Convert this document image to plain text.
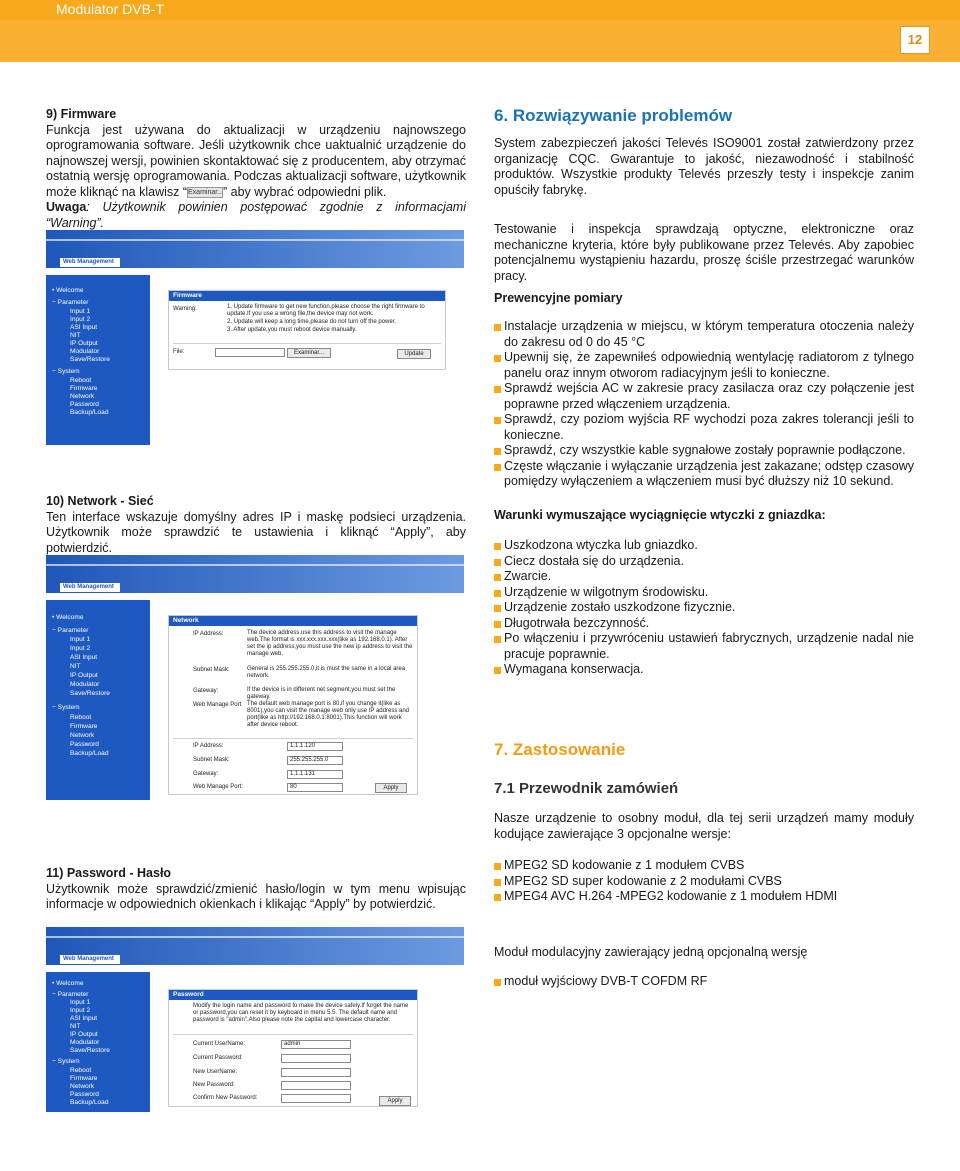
Modulator DVB-T
12
9) Firmware
Funkcja jest używana do aktualizacji w urządzeniu najnowszego oprogramowania software. Jeśli użytkownik chce uaktualnić urządzenie do najnowszej wersji, powinien skontaktować się z producentem, aby otrzymać ostatnią wersję oprogramowania. Podczas aktualizacji software, użytkownik może kliknąć na klawisz “Examinar...” aby wybrać odpowiedni plik.
Uwaga: Użytkownik powinien postępować zgodnie z informacjami “Warning”.
Web Management
• Welcome
− Parameter
Input 1
Input 2
ASI Input
NIT
IP Output
Modulator
Save/Restore
− System
Reboot
Firmware
Network
Password
Backup/Load
Firmware
Warning:	1. Update firmware to get new function.please choose the right firmware to update.If you use a wrong file,the device may not work.
2. Update will keep a long time,please do not turn off the power.
3. After update,you must reboot device manually.
File:	Examinar...	Update
10) Network - Sieć
Ten interface wskazuje domyślny adres IP i maskę podsieci urządzenia. Użytkownik może sprawdzić te ustawienia i kliknąć “Apply”, aby potwierdzić.
Web Management
• Welcome
− Parameter
Input 1
Input 2
ASI Input
NIT
IP Output
Modulator
Save/Restore
− System
Reboot
Firmware
Network
Password
Backup/Load
Network
IP Address:	The device address.use this address to visit the manage web.The format is xxx.xxx.xxx.xxx(like as 192.168.0.1). After set the ip address,you must use the new ip address to visit the manage web.
Subnet Mask:	General is 255.255.255.0,it is must the same in a local area network.
Gateway:	If the device is in different net segment,you must set the gateway.
Web Manage Port The default web manage port is 80,if you change it(like as 8001),you can visit the manage web only use IP address and port(like as http://192.168.0.1:8001).This function will work after device reboot.
IP Address:	1.1.1.120
Subnet Mask:	255.255.255.0
Gateway:	1.1.1.131
Web Manage Port:	80	Apply
11) Password - Hasło
Użytkownik może sprawdzić/zmienić hasło/login w tym menu wpisując informacje w odpowiednich okienkach i klikając “Apply” by potwierdzić.
Web Management
• Welcome
− Parameter
Input 1
Input 2
ASI Input
NIT
IP Output
Modulator
Save/Restore
− System
Reboot
Firmware
Network
Password
Backup/Load
Password
Modify the login name and password to make the device safely.If forget the name or password,you can reset it by keyboard in menu 5.5. The default name and password is "admin".Also please note the capital and lowercase character.
Current UserName:	admin
Current Password:
New UserName:
New Password:
Confirm New Password:	Apply
6. Rozwiązywanie problemów
System zabezpieczeń jakości Televés ISO9001 został zatwierdzony przez organizację CQC. Gwarantuje to jakość, niezawodność i stabilność produktów. Wszystkie produkty Televés przeszły testy i inspekcje zanim opuściły fabrykę.
Testowanie i inspekcja sprawdzają optyczne, elektroniczne oraz mechaniczne kryteria, które były publikowane przez Televés. Aby zapobiec potencjalnemu wystąpieniu hazardu, proszę ściśle przestrzegać warunków pracy.
Prewencyjne pomiary
Instalacje urządzenia w miejscu, w którym temperatura otoczenia należy do zakresu od 0 do 45 °C
Upewnij się, że zapewniłeś odpowiednią wentylację radiatorom z tylnego panelu oraz innym otworom radiacyjnym jeśli to konieczne.
Sprawdź wejścia AC w zakresie pracy zasilacza oraz czy połączenie jest poprawne przed włączeniem urządzenia.
Sprawdź, czy poziom wyjścia RF wychodzi poza zakres tolerancji jeśli to konieczne.
Sprawdź, czy wszystkie kable sygnałowe zostały poprawnie podłączone.
Częste włączanie i wyłączanie urządzenia jest zakazane; odstęp czasowy pomiędzy wyłączeniem a włączeniem musi być dłuższy niż 10 sekund.
Warunki wymuszające wyciągnięcie wtyczki z gniazdka:
Uszkodzona wtyczka lub gniazdko.
Ciecz dostała się do urządzenia.
Zwarcie.
Urządzenie w wilgotnym środowisku.
Urządzenie zostało uszkodzone fizycznie.
Długotrwała bezczynność.
Po włączeniu i przywróceniu ustawień fabrycznych, urządzenie nadal nie pracuje poprawnie.
Wymagana konserwacja.
7. Zastosowanie
7.1 Przewodnik zamówień
Nasze urządzenie to osobny moduł, dla tej serii urządzeń mamy moduły kodujące zawierające 3 opcjonalne wersje:
MPEG2 SD kodowanie z 1 modułem CVBS
MPEG2 SD super kodowanie z 2 modułami CVBS
MPEG4 AVC H.264 -MPEG2 kodowanie z 1 modułem HDMI
Moduł modulacyjny zawierający jedną opcjonalną wersję
moduł wyjściowy DVB-T COFDM RF
